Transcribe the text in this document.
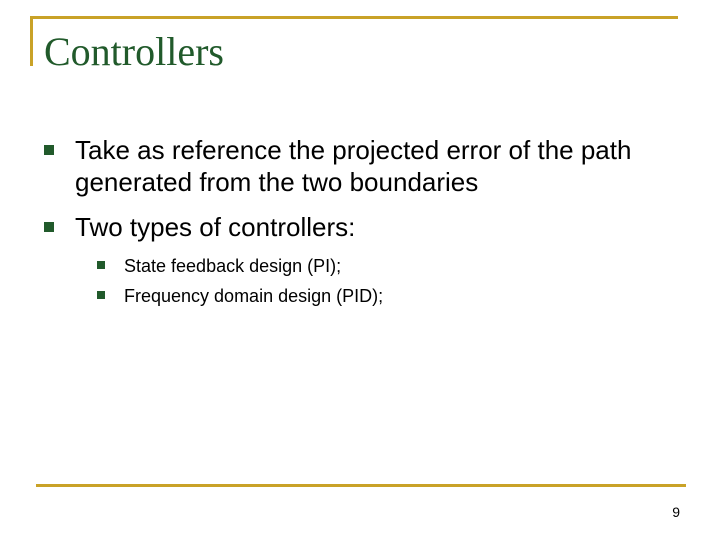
Controllers
Take as reference the projected error of the path generated from the two boundaries
Two types of controllers:
State feedback design (PI);
Frequency domain design (PID);
9
